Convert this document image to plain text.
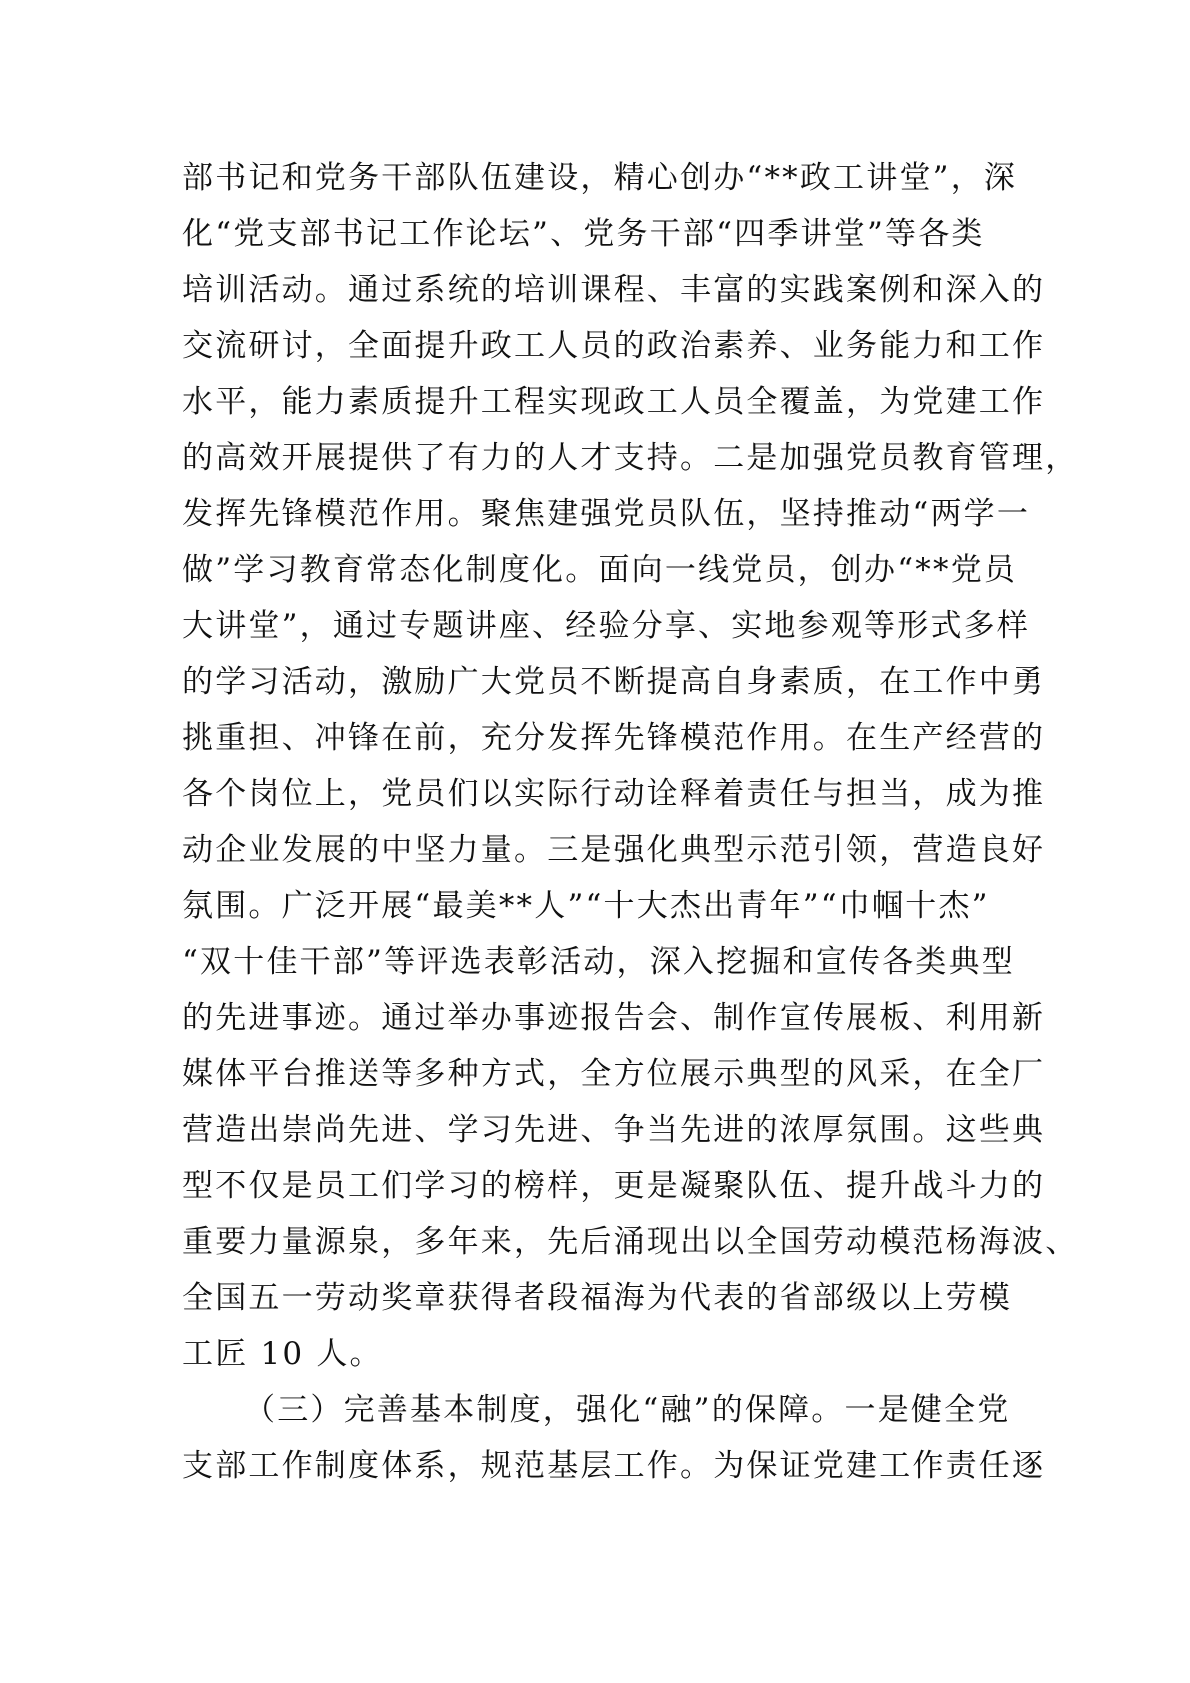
部书记和党务干部队伍建设，精心创办“**政工讲堂”，深
化“党支部书记工作论坛”、党务干部“四季讲堂”等各类
培训活动。通过系统的培训课程、丰富的实践案例和深入的
交流研讨，全面提升政工人员的政治素养、业务能力和工作
水平，能力素质提升工程实现政工人员全覆盖，为党建工作
的高效开展提供了有力的人才支持。二是加强党员教育管理，
发挥先锋模范作用。聚焦建强党员队伍，坚持推动“两学一
做”学习教育常态化制度化。面向一线党员，创办“**党员
大讲堂”，通过专题讲座、经验分享、实地参观等形式多样
的学习活动，激励广大党员不断提高自身素质，在工作中勇
挑重担、冲锋在前，充分发挥先锋模范作用。在生产经营的
各个岗位上，党员们以实际行动诠释着责任与担当，成为推
动企业发展的中坚力量。三是强化典型示范引领，营造良好
氛围。广泛开展“最美**人”“十大杰出青年”“巾帼十杰”
“双十佳干部”等评选表彰活动，深入挖掘和宣传各类典型
的先进事迹。通过举办事迹报告会、制作宣传展板、利用新
媒体平台推送等多种方式，全方位展示典型的风采，在全厂
营造出崇尚先进、学习先进、争当先进的浓厚氛围。这些典
型不仅是员工们学习的榜样，更是凝聚队伍、提升战斗力的
重要力量源泉，多年来，先后涌现出以全国劳动模范杨海波、
全国五一劳动奖章获得者段福海为代表的省部级以上劳模
工匠 10 人。
（三）完善基本制度，强化“融”的保障。一是健全党
支部工作制度体系，规范基层工作。为保证党建工作责任逐
